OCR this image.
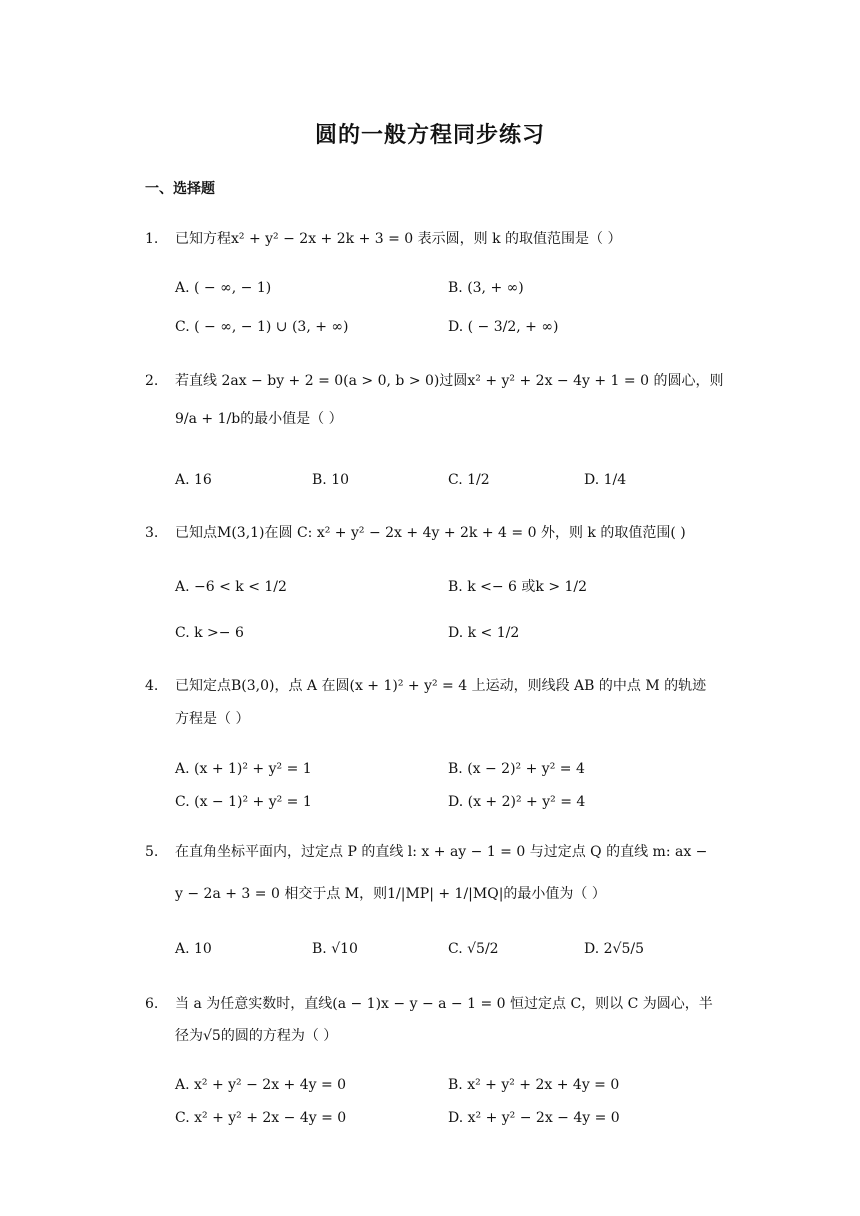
圆的一般方程同步练习
一、选择题
1. 已知方程x² + y² − 2x + 2k + 3 = 0 表示圆，则 k 的取值范围是（ ）
A. ( − ∞, − 1)	B. (3, + ∞)
C. ( − ∞, − 1) ∪ (3, + ∞)	D. ( − 3/2, + ∞)
2. 若直线 2ax − by + 2 = 0(a > 0, b > 0)过圆x² + y² + 2x − 4y + 1 = 0 的圆心，则
9/a + 1/b的最小值是（ ）
A. 16	B. 10	C. 1/2	D. 1/4
3. 已知点M(3,1)在圆 C: x² + y² − 2x + 4y + 2k + 4 = 0 外，则 k 的取值范围( )
A. −6 < k < 1/2	B. k <− 6 或k > 1/2
C. k >− 6	D. k < 1/2
4. 已知定点B(3,0)，点 A 在圆(x + 1)² + y² = 4 上运动，则线段 AB 的中点 M 的轨迹
方程是（ ）
A. (x + 1)² + y² = 1	B. (x − 2)² + y² = 4
C. (x − 1)² + y² = 1	D. (x + 2)² + y² = 4
5. 在直角坐标平面内，过定点 P 的直线 l: x + ay − 1 = 0 与过定点 Q 的直线 m: ax −
y − 2a + 3 = 0 相交于点 M，则1/|MP| + 1/|MQ|的最小值为（ ）
A. 10	B. √10	C. √5/2	D. 2√5/5
6. 当 a 为任意实数时，直线(a − 1)x − y − a − 1 = 0 恒过定点 C，则以 C 为圆心，半
径为√5的圆的方程为（ ）
A. x² + y² − 2x + 4y = 0	B. x² + y² + 2x + 4y = 0
C. x² + y² + 2x − 4y = 0	D. x² + y² − 2x − 4y = 0
